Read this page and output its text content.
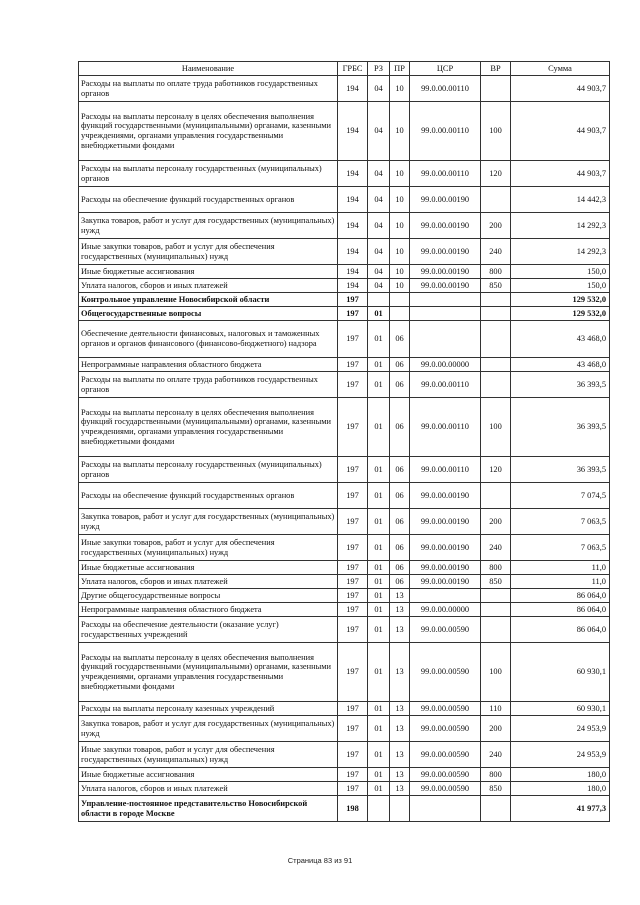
Наименование	ГРБС	РЗ	ПР	ЦСР	ВР	Сумма
Расходы на выплаты по оплате труда работников государственных органов	194	04	10	99.0.00.00110		44 903,7
Расходы на выплаты персоналу в целях обеспечения выполнения функций государственными (муниципальными) органами, казенными учреждениями, органами управления государственными внебюджетными фондами	194	04	10	99.0.00.00110	100	44 903,7
Расходы на выплаты персоналу государственных (муниципальных) органов	194	04	10	99.0.00.00110	120	44 903,7
Расходы на обеспечение функций государственных органов	194	04	10	99.0.00.00190		14 442,3
Закупка товаров, работ и услуг для государственных (муниципальных) нужд	194	04	10	99.0.00.00190	200	14 292,3
Иные закупки товаров, работ и услуг для обеспечения государственных (муниципальных) нужд	194	04	10	99.0.00.00190	240	14 292,3
Иные бюджетные ассигнования	194	04	10	99.0.00.00190	800	150,0
Уплата налогов, сборов и иных платежей	194	04	10	99.0.00.00190	850	150,0
Контрольное управление Новосибирской области	197					129 532,0
Общегосударственные вопросы	197	01				129 532,0
Обеспечение деятельности финансовых, налоговых и таможенных органов и органов финансового (финансово-бюджетного) надзора	197	01	06			43 468,0
Непрограммные направления областного бюджета	197	01	06	99.0.00.00000		43 468,0
Расходы на выплаты по оплате труда работников государственных органов	197	01	06	99.0.00.00110		36 393,5
Расходы на выплаты персоналу в целях обеспечения выполнения функций государственными (муниципальными) органами, казенными учреждениями, органами управления государственными внебюджетными фондами	197	01	06	99.0.00.00110	100	36 393,5
Расходы на выплаты персоналу государственных (муниципальных) органов	197	01	06	99.0.00.00110	120	36 393,5
Расходы на обеспечение функций государственных органов	197	01	06	99.0.00.00190		7 074,5
Закупка товаров, работ и услуг для государственных (муниципальных) нужд	197	01	06	99.0.00.00190	200	7 063,5
Иные закупки товаров, работ и услуг для обеспечения государственных (муниципальных) нужд	197	01	06	99.0.00.00190	240	7 063,5
Иные бюджетные ассигнования	197	01	06	99.0.00.00190	800	11,0
Уплата налогов, сборов и иных платежей	197	01	06	99.0.00.00190	850	11,0
Другие общегосударственные вопросы	197	01	13			86 064,0
Непрограммные направления областного бюджета	197	01	13	99.0.00.00000		86 064,0
Расходы на обеспечение деятельности (оказание услуг) государственных учреждений	197	01	13	99.0.00.00590		86 064,0
Расходы на выплаты персоналу в целях обеспечения выполнения функций государственными (муниципальными) органами, казенными учреждениями, органами управления государственными внебюджетными фондами	197	01	13	99.0.00.00590	100	60 930,1
Расходы на выплаты персоналу казенных учреждений	197	01	13	99.0.00.00590	110	60 930,1
Закупка товаров, работ и услуг для государственных (муниципальных) нужд	197	01	13	99.0.00.00590	200	24 953,9
Иные закупки товаров, работ и услуг для обеспечения государственных (муниципальных) нужд	197	01	13	99.0.00.00590	240	24 953,9
Иные бюджетные ассигнования	197	01	13	99.0.00.00590	800	180,0
Уплата налогов, сборов и иных платежей	197	01	13	99.0.00.00590	850	180,0
Управление-постоянное представительство Новосибирской области в городе Москве	198					41 977,3
Страница 83 из 91
